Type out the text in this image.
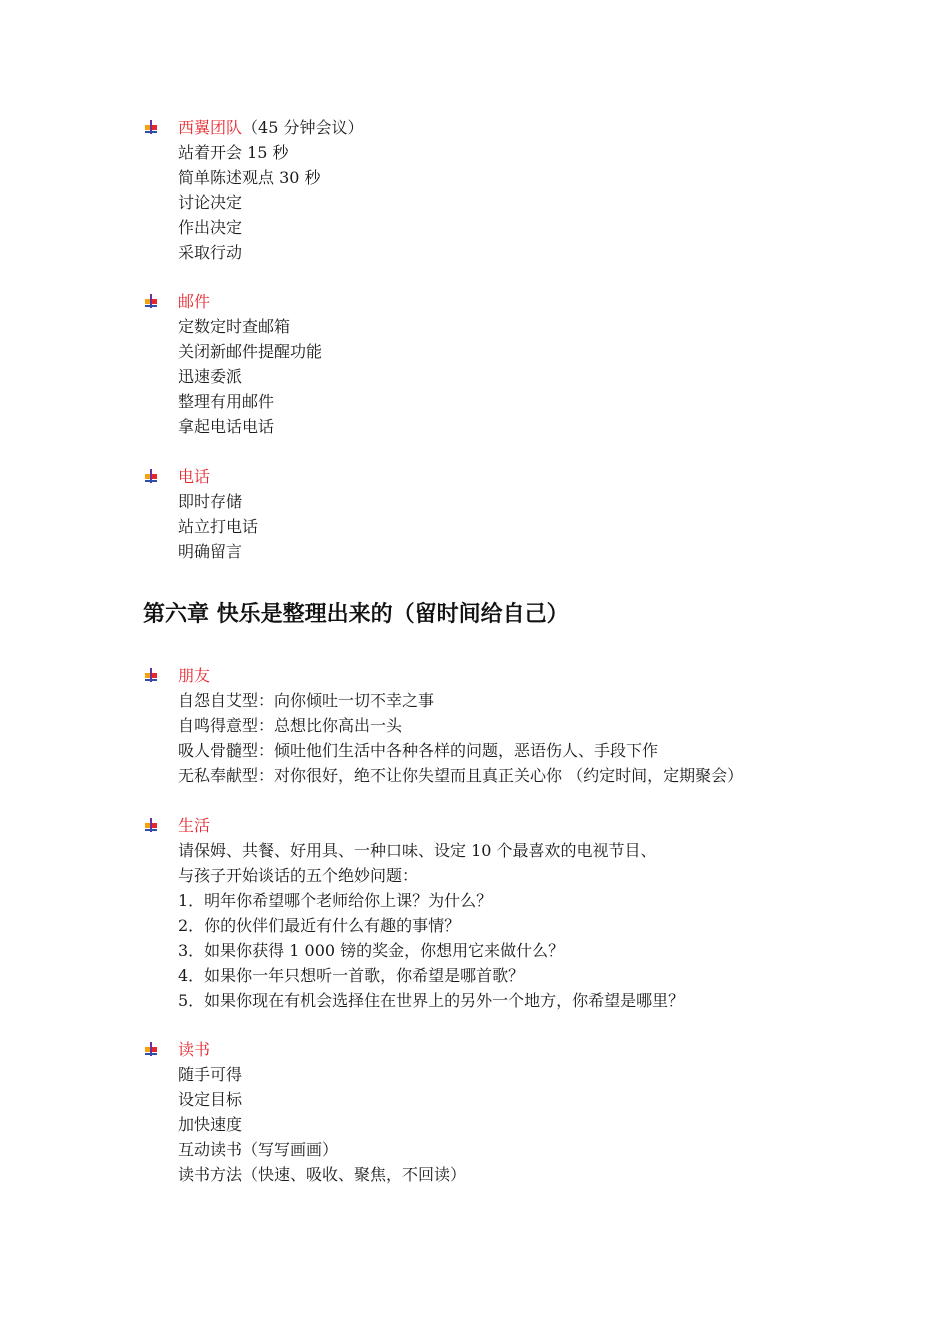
西翼团队（45 分钟会议）
站着开会 15 秒
简单陈述观点 30 秒
讨论决定
作出决定
采取行动
邮件
定数定时查邮箱
关闭新邮件提醒功能
迅速委派
整理有用邮件
拿起电话电话
电话
即时存储
站立打电话
明确留言
第六章 快乐是整理出来的（留时间给自己）
朋友
自怨自艾型：向你倾吐一切不幸之事
自鸣得意型：总想比你高出一头
吸人骨髓型：倾吐他们生活中各种各样的问题，恶语伤人、手段下作
无私奉献型：对你很好，绝不让你失望而且真正关心你 （约定时间，定期聚会）
生活
请保姆、共餐、好用具、一种口味、设定 10 个最喜欢的电视节目、
与孩子开始谈话的五个绝妙问题：
1．明年你希望哪个老师给你上课？为什么？
2．你的伙伴们最近有什么有趣的事情？
3．如果你获得 1 000 镑的奖金，你想用它来做什么？
4．如果你一年只想听一首歌，你希望是哪首歌？
5．如果你现在有机会选择住在世界上的另外一个地方，你希望是哪里？
读书
随手可得
设定目标
加快速度
互动读书（写写画画）
读书方法（快速、吸收、聚焦，不回读）
